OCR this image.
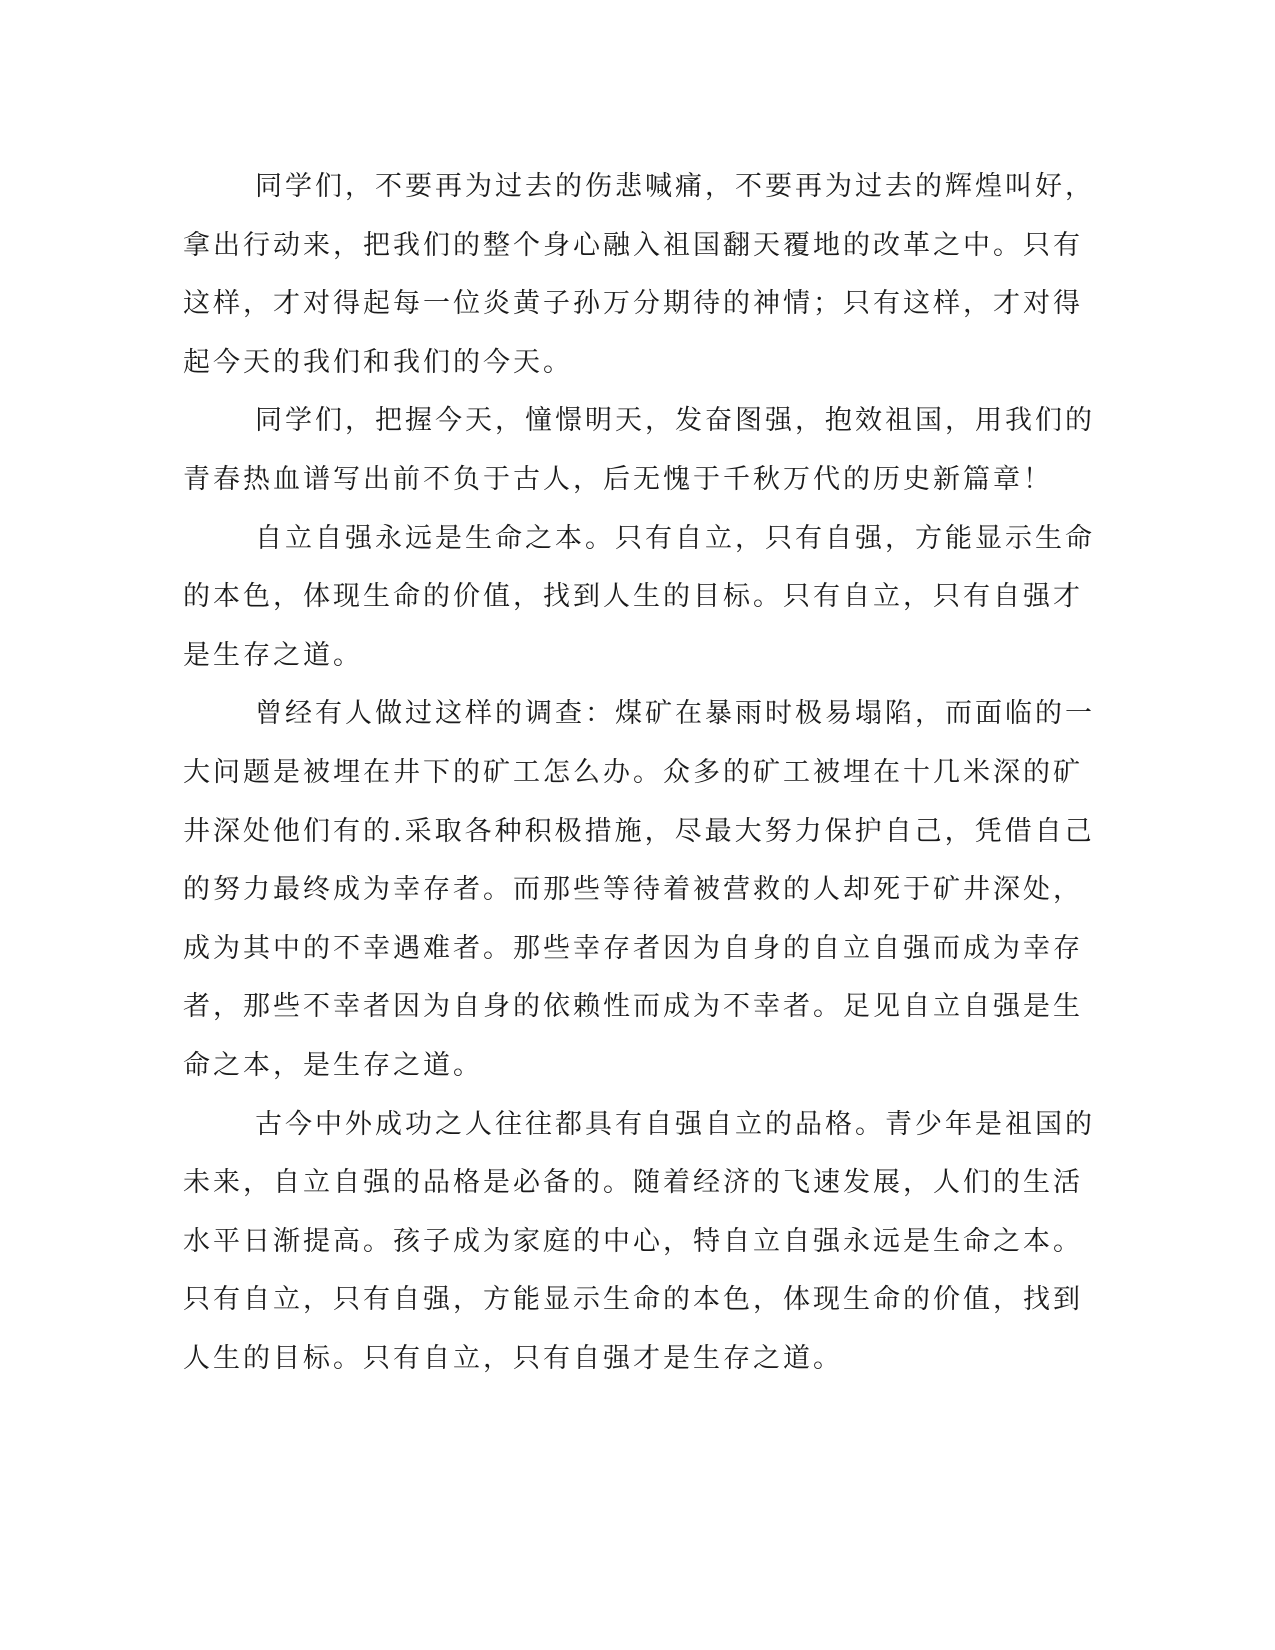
同学们，不要再为过去的伤悲喊痛，不要再为过去的辉煌叫好，
拿出行动来，把我们的整个身心融入祖国翻天覆地的改革之中。只有
这样，才对得起每一位炎黄子孙万分期待的神情；只有这样，才对得
起今天的我们和我们的今天。
同学们，把握今天，憧憬明天，发奋图强，抱效祖国，用我们的
青春热血谱写出前不负于古人，后无愧于千秋万代的历史新篇章！
自立自强永远是生命之本。只有自立，只有自强，方能显示生命
的本色，体现生命的价值，找到人生的目标。只有自立，只有自强才
是生存之道。
曾经有人做过这样的调查：煤矿在暴雨时极易塌陷，而面临的一
大问题是被埋在井下的矿工怎么办。众多的矿工被埋在十几米深的矿
井深处他们有的.采取各种积极措施，尽最大努力保护自己，凭借自己
的努力最终成为幸存者。而那些等待着被营救的人却死于矿井深处，
成为其中的不幸遇难者。那些幸存者因为自身的自立自强而成为幸存
者，那些不幸者因为自身的依赖性而成为不幸者。足见自立自强是生
命之本，是生存之道。
古今中外成功之人往往都具有自强自立的品格。青少年是祖国的
未来，自立自强的品格是必备的。随着经济的飞速发展，人们的生活
水平日渐提高。孩子成为家庭的中心，特自立自强永远是生命之本。
只有自立，只有自强，方能显示生命的本色，体现生命的价值，找到
人生的目标。只有自立，只有自强才是生存之道。
